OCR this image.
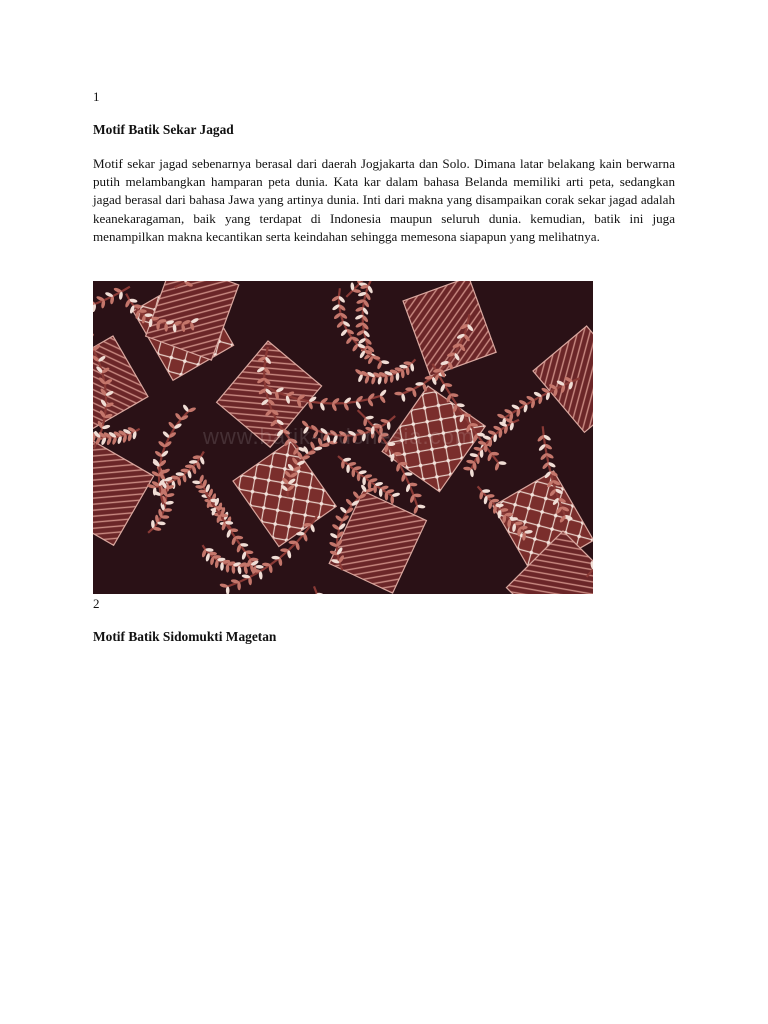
1
Motif Batik Sekar Jagad
Motif sekar jagad sebenarnya berasal dari daerah Jogjakarta dan Solo. Dimana latar belakang kain berwarna putih melambangkan hamparan peta dunia. Kata kar dalam bahasa Belanda memiliki arti peta, sedangkan jagad berasal dari bahasa Jawa yang artinya dunia. Inti dari makna yang disampaikan corak sekar jagad adalah keanekaragaman, baik yang terdapat di Indonesia maupun seluruh dunia. kemudian, batik ini juga menampilkan makna kecantikan serta keindahan sehingga memesona siapapun yang melihatnya.
www.batik-indonesia.com
2
Motif Batik Sidomukti Magetan
